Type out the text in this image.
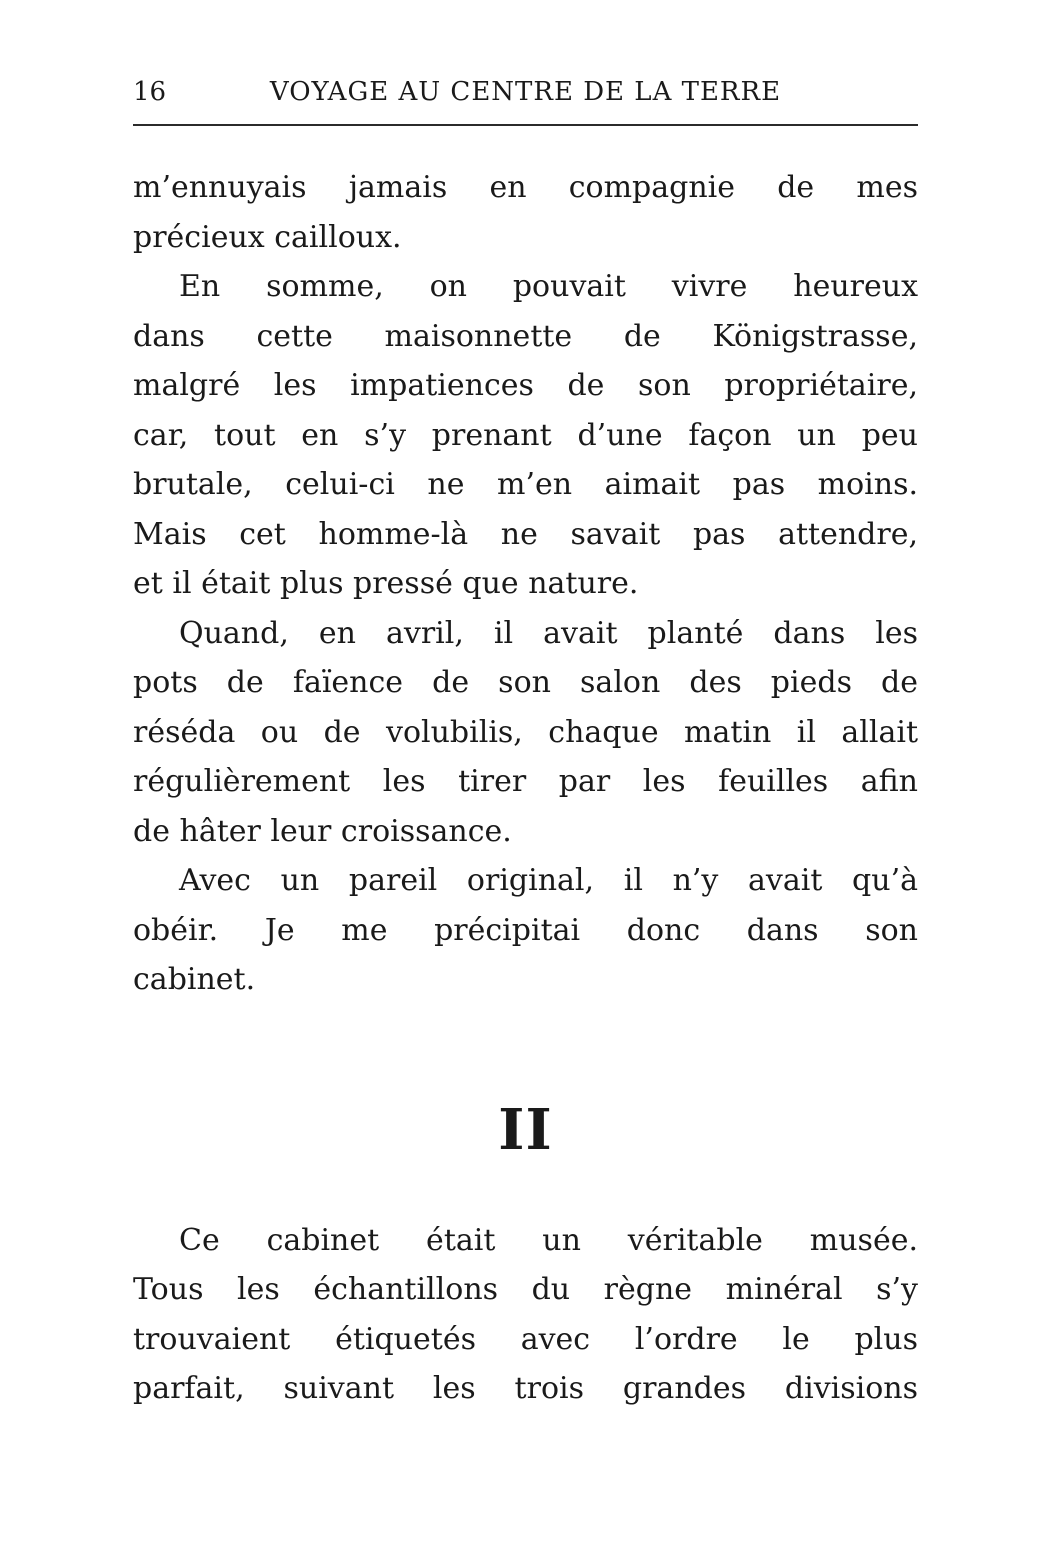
16	VOYAGE AU CENTRE DE LA TERRE
m’ennuyais jamais en compagnie de mes
précieux cailloux.
En somme, on pouvait vivre heureux
dans cette maisonnette de Königstrasse,
malgré les impatiences de son propriétaire,
car, tout en s’y prenant d’une façon un peu
brutale, celui-ci ne m’en aimait pas moins.
Mais cet homme-là ne savait pas attendre,
et il était plus pressé que nature.
Quand, en avril, il avait planté dans les
pots de faïence de son salon des pieds de
réséda ou de volubilis, chaque matin il allait
régulièrement les tirer par les feuilles afin
de hâter leur croissance.
Avec un pareil original, il n’y avait qu’à
obéir. Je me précipitai donc dans son
cabinet.
II
Ce cabinet était un véritable musée.
Tous les échantillons du règne minéral s’y
trouvaient étiquetés avec l’ordre le plus
parfait, suivant les trois grandes divisions
